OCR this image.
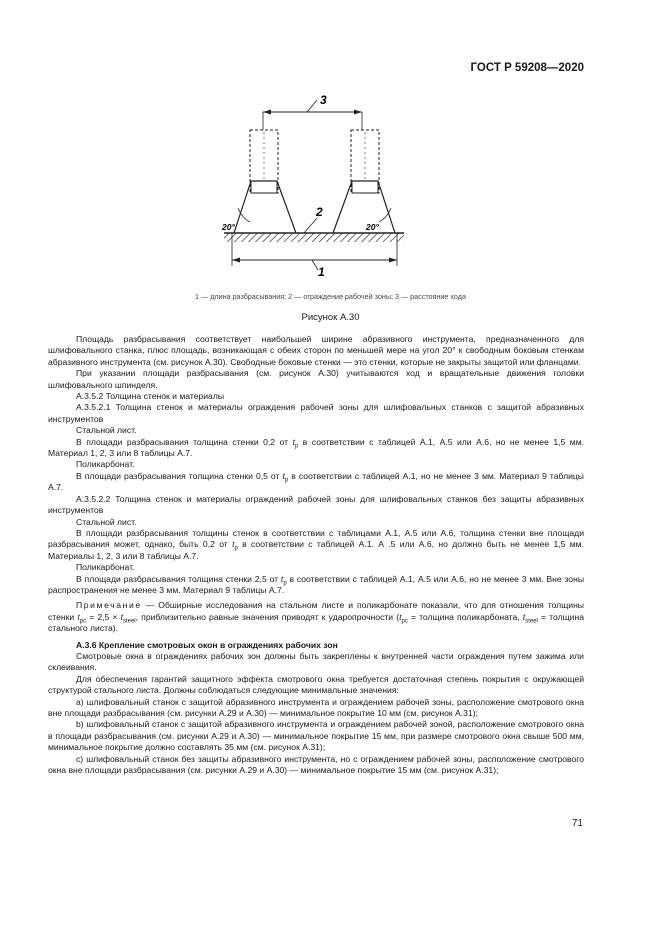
ГОСТ Р 59208—2020
3
20°	20°
2
1
1 — длина разбрасывания; 2 — ограждение рабочей зоны; 3 — расстояние хода
Рисунок А.30

Площадь разбрасывания соответствует наибольшей ширине абразивного инструмента, предназначенного для шлифовального станка, плюс площадь, возникающая с обеих сторон по меньшей мере на угол 20° к свободным боковым стенкам абразивного инструмента (см. рисунок А.30). Свободные боковые стенки — это стенки, которые не закрыты защитой или фланцами.

При указании площади разбрасывания (см. рисунок А.30) учитываются ход и вращательные движения головки шлифовального шпинделя.

А.3.5.2 Толщина стенок и материалы

А.3.5.2.1 Толщина стенок и материалы ограждения рабочей зоны для шлифовальных станков с защитой абразивных инструментов

Стальной лист.

В площади разбрасывания толщина стенки 0,2 от $t_p$ в соответствии с таблицей А.1, А.5 или А.6, но не менее 1,5 мм. Материал 1, 2, 3 или 8 таблицы А.7.

Поликарбонат.

В площади разбрасывания толщина стенки 0,5 от $t_p$ в соответствии с таблицей А.1, но не менее 3 мм. Материал 9 таблицы А.7.

А.3.5.2.2 Толщина стенок и материалы ограждений рабочей зоны для шлифовальных станков без защиты абразивных инструментов

Стальной лист.

В площади разбрасывания толщины стенок в соответствии с таблицами А.1, А.5 или А.6, толщина стенки вне площади разбрасывания может, однако, быть 0,2 от $t_p$ в соответствии с таблицей А.1. А .5 или А.6, но должно быть не менее 1,5 мм. Материалы 1, 2, 3 или 8 таблицы А.7.

Поликарбонат.

В площади разбрасывания толщина стенки 2,5 от $t_p$ в соответствии с таблицей А.1, А.5 или А.6, но не менее 3 мм. Вне зоны распространения не менее 3 мм. Материал 9 таблицы А.7.

Примечание — Обширные исследования на стальном листе и поликарбонате показали, что для отношения толщины стенки $t_{pc} = 2,5 \times t_{steel}$, приблизительно равные значения приводят к ударопрочности ($t_{pc}$ = толщина поликарбоната, $t_{steel}$ = толщина стального листа).

А.3.6 Крепление смотровых окон в ограждениях рабочих зон

Смотровые окна в ограждениях рабочих зон должны быть закреплены к внутренней части ограждения путем зажима или склеивания.

Для обеспечения гарантий защитного эффекта смотрового окна требуется достаточная степень покрытия с окружающей структурой стального листа. Должны соблюдаться следующие минимальные значения:

a) шлифовальный станок с защитой абразивного инструмента и ограждением рабочей зоны, расположение смотрового окна вне площади разбрасывания (см. рисунки А.29 и А.30) — минимальное покрытие 10 мм (см. рисунок А.31);

b) шлифовальный станок с защитой абразивного инструмента и ограждением рабочей зоной, расположение смотрового окна в площади разбрасывания (см. рисунки А.29 и А.30) — минимальное покрытие 15 мм, при размере смотрового окна свыше 500 мм, минимальное покрытие должно составлять 35 мм (см. рисунок А.31);

c) шлифовальный станок без защиты абразивного инструмента, но с ограждением рабочей зоны, расположение смотрового окна вне площади разбрасывания (см. рисунки А.29 и А.30) — минимальное покрытие 15 мм (см. рисунок А.31);

71
